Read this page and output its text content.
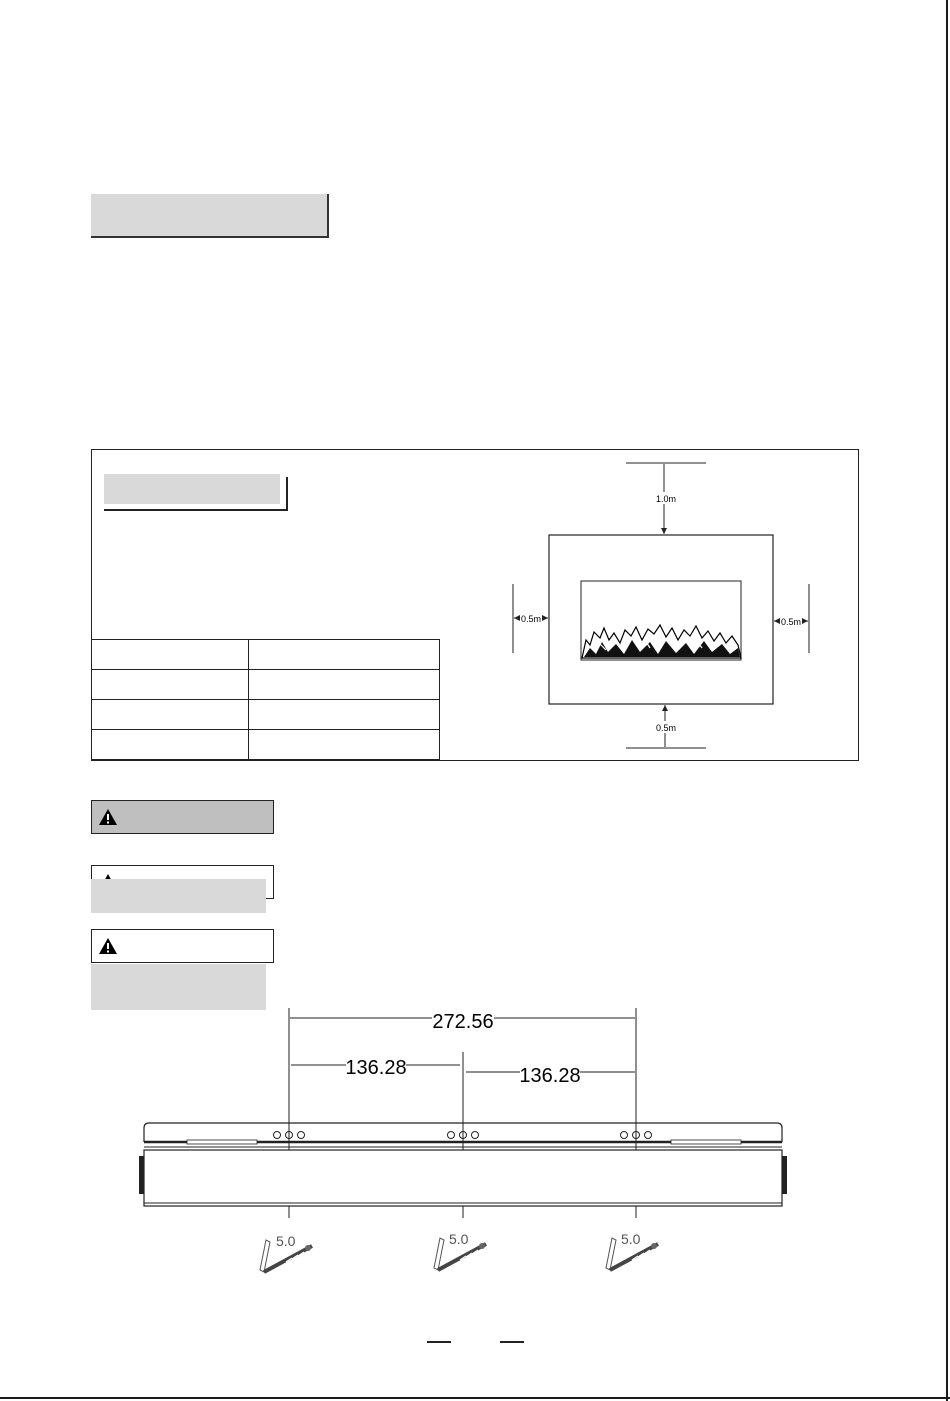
1.0m
0.5m	0.5m
0.5m
272.56
136.28	136.28
5.0	5.0	5.0
